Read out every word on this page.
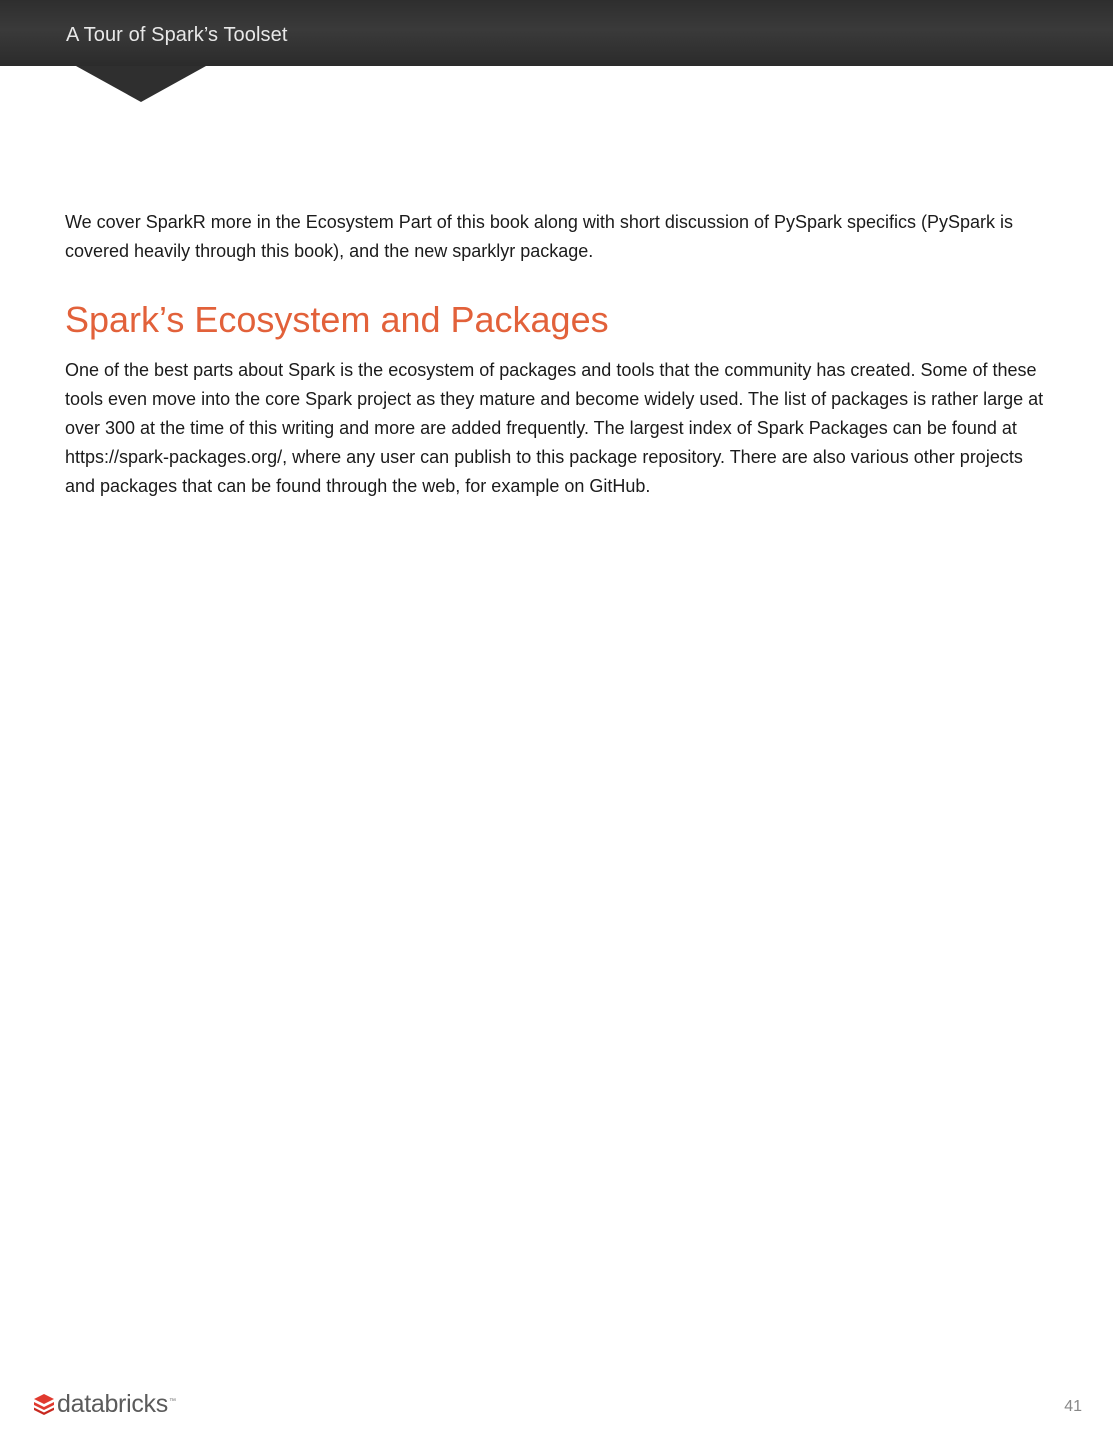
A Tour of Spark’s Toolset

We cover SparkR more in the Ecosystem Part of this book along with short discussion of PySpark specifics (PySpark is covered heavily through this book), and the new sparklyr package.

Spark’s Ecosystem and Packages

One of the best parts about Spark is the ecosystem of packages and tools that the community has created. Some of these tools even move into the core Spark project as they mature and become widely used. The list of packages is rather large at over 300 at the time of this writing and more are added frequently. The largest index of Spark Packages can be found at https://spark-packages.org/, where any user can publish to this package repository. There are also various other projects and packages that can be found through the web, for example on GitHub.

databricks ™	41
